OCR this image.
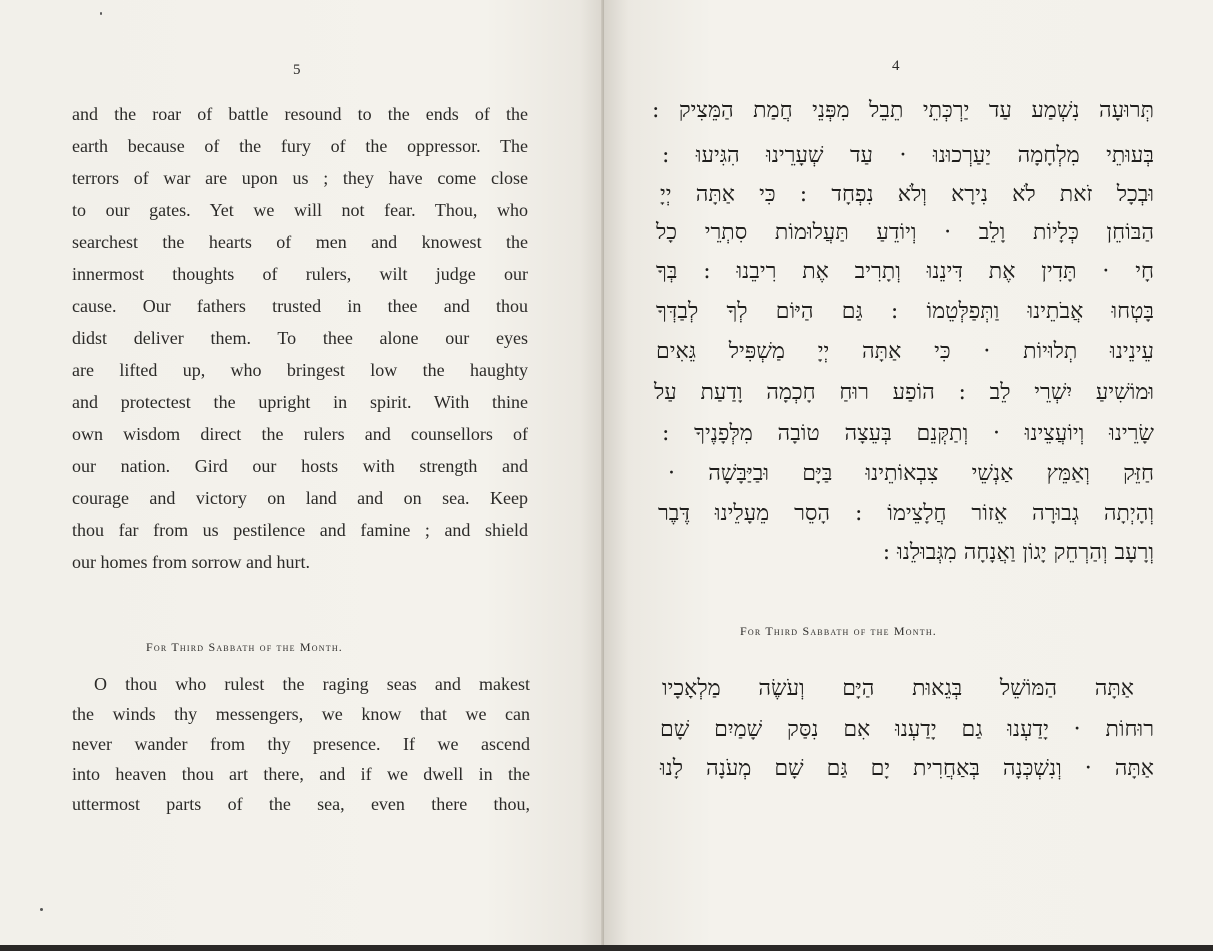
5
and the roar of battle resound to the ends of the
earth because of the fury of the oppressor. The
terrors of war are upon us ; they have come close
to our gates. Yet we will not fear. Thou, who
searchest the hearts of men and knowest the
innermost thoughts of rulers, wilt judge our
cause. Our fathers trusted in thee and thou
didst deliver them. To thee alone our eyes
are lifted up, who bringest low the haughty
and protectest the upright in spirit. With thine
own wisdom direct the rulers and counsellors of
our nation. Gird our hosts with strength and
courage and victory on land and on sea. Keep
thou far from us pestilence and famine ; and shield
our homes from sorrow and hurt.
For Third Sabbath of the Month.
O thou who rulest the raging seas and makest
the winds thy messengers, we know that we can
never wander from thy presence. If we ascend
into heaven thou art there, and if we dwell in the
uttermost parts of the sea, even there thou,
4
תְּרוּעָה נִשְׁמַע עַד יַרְכְּתֵי תֵבֵל מִפְּנֵי חֲמַת הַמֵּצִיק :
בְּעוּתֵי מִלְחָמָה יַעַרְכוּנוּ · עַד שְׁעָרֵינוּ הִגִּיעוּ :
וּבְכָל זֹאת לֹא נִירָא וְלֹא נִפְחָד : כִּי אַתָּה יְיָ
הַבּוֹחֵן כְּלָיוֹת וָלֵב · וְיוֹדֵעַ תַּעֲלוּמוֹת סִתְרֵי כָל
חָי · תָּדִין אֶת דִּינֵנוּ וְתָרִיב אֶת רִיבֵנוּ : בְּךָ
בָּטְחוּ אֲבֹתֵינוּ וַתְּפַלְּטֵמוֹ : גַּם הַיּוֹם לְךָ לְבַדְּךָ
עֵינֵינוּ תְלוּיוֹת · כִּי אַתָּה יְיָ מַשְׁפִּיל גֵּאִים
וּמוֹשִׁיעַ יִשְׁרֵי לֵב : הוֹפַע רוּחַ חָכְמָה וָדַעַת עַל
שָׂרֵינוּ וְיוֹעֲצֵינוּ · וְתַקְּנֵם בְּעֵצָה טוֹבָה מִלְּפָנֶיךָ :
חַזֵּק וְאַמֵּץ אַנְשֵׁי צִבְאוֹתֵינוּ בַּיָּם וּבַיַּבָּשָׁה ·
וְהָיְתָה גְבוּרָה אֵזוֹר חֲלָצֵימוֹ : הָסֵר מֵעָלֵינוּ דֶּבֶר
וְרָעָב וְהַרְחֵק יָגוֹן וַאֲנָחָה מִגְּבוּלֵנוּ :
For Third Sabbath of the Month.
אַתָּה הַמּוֹשֵׁל בְּגֵאוּת הַיָּם וְעֹשֶׂה מַלְאָכָיו
רוּחוֹת · יָדַעְנוּ גַם יָדַעְנוּ אִם נִסַּק שָׁמַיִם שָׁם
אַתָּה · וְנִשְׁכְּנָה בְּאַחֲרִית יָם גַּם שָׁם מְעֹנָה לָנוּ
